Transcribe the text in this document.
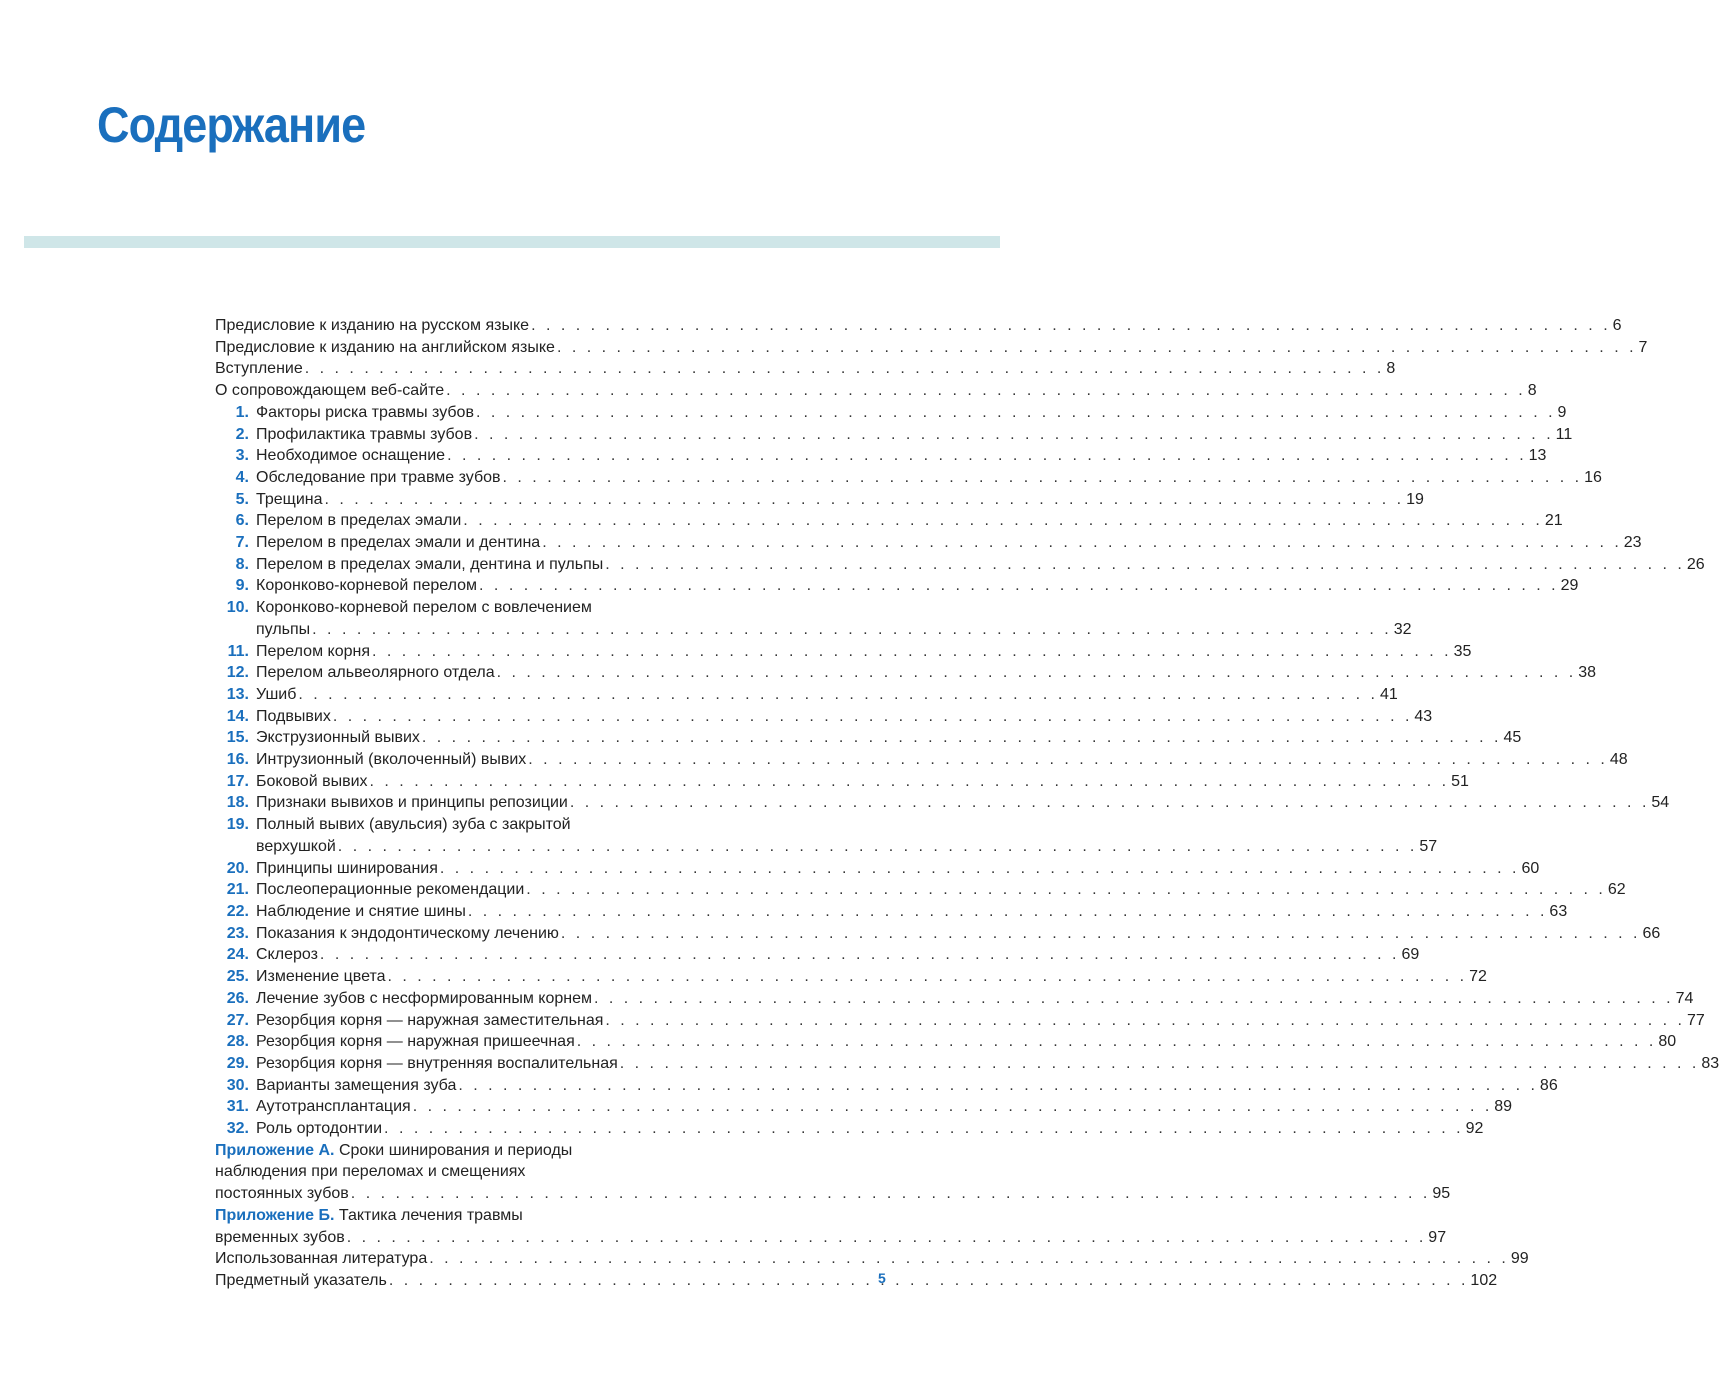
Содержание
Предисловие к изданию на русском языке . . .	6
Предисловие к изданию на английском языке . . .	7
Вступление . . .	8
О сопровождающем веб-сайте . . .	8
1. Факторы риска травмы зубов . . .	9
2. Профилактика травмы зубов . . .	11
3. Необходимое оснащение . . .	13
4. Обследование при травме зубов . . .	16
5. Трещина . . .	19
6. Перелом в пределах эмали . . .	21
7. Перелом в пределах эмали и дентина . . .	23
8. Перелом в пределах эмали, дентина и пульпы . . .	26
9. Коронково-корневой перелом . . .	29
10. Коронково-корневой перелом с вовлечением
пульпы . . .	32
11. Перелом корня . . .	35
12. Перелом альвеолярного отдела . . .	38
13. Ушиб . . .	41
14. Подвывих . . .	43
15. Экструзионный вывих . . .	45
16. Интрузионный (вколоченный) вывих . . .	48
17. Боковой вывих . . .	51
18. Признаки вывихов и принципы репозиции . . .	54
19. Полный вывих (авульсия) зуба с закрытой
верхушкой . . .	57
20. Принципы шинирования . . .	60
21. Послеоперационные рекомендации . . .	62
22. Наблюдение и снятие шины . . .	63
23. Показания к эндодонтическому лечению . . .	66
24. Склероз . . .	69
25. Изменение цвета . . .	72
26. Лечение зубов с несформированным корнем . . .	74
27. Резорбция корня — наружная заместительная . . .	77
28. Резорбция корня — наружная пришеечная . . .	80
29. Резорбция корня — внутренняя воспалительная . . .	83
30. Варианты замещения зуба . . .	86
31. Аутотрансплантация . . .	89
32. Роль ортодонтии . . .	92
Приложение А. Сроки шинирования и периоды
наблюдения при переломах и смещениях
постоянных зубов . . .	95
Приложение Б. Тактика лечения травмы
временных зубов . . .	97
Использованная литература . . .	99
Предметный указатель . . .	102
5
